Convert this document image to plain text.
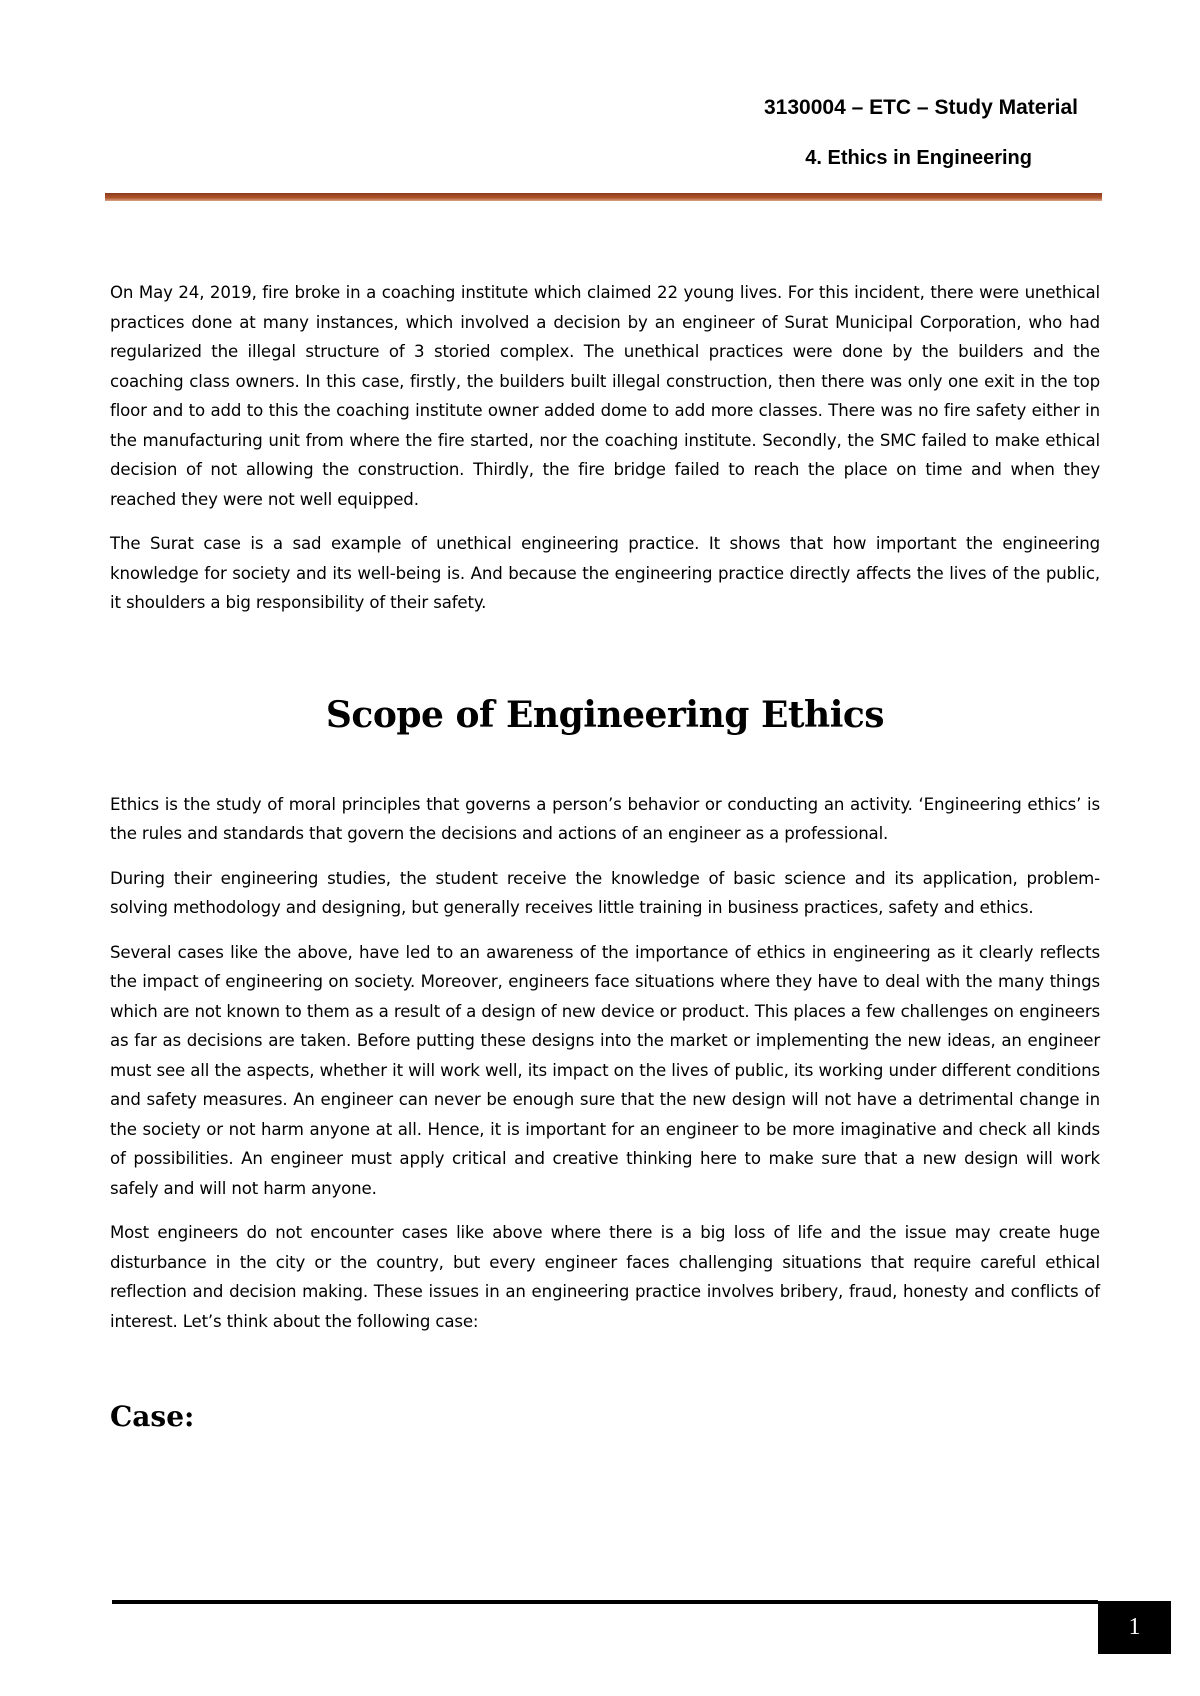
3130004 – ETC – Study Material
4. Ethics in Engineering

On May 24, 2019, fire broke in a coaching institute which claimed 22 young lives. For this incident, there were unethical practices done at many instances, which involved a decision by an engineer of Surat Municipal Corporation, who had regularized the illegal structure of 3 storied complex. The unethical practices were done by the builders and the coaching class owners. In this case, firstly, the builders built illegal construction, then there was only one exit in the top floor and to add to this the coaching institute owner added dome to add more classes. There was no fire safety either in the manufacturing unit from where the fire started, nor the coaching institute. Secondly, the SMC failed to make ethical decision of not allowing the construction. Thirdly, the fire bridge failed to reach the place on time and when they reached they were not well equipped.

The Surat case is a sad example of unethical engineering practice. It shows that how important the engineering knowledge for society and its well-being is. And because the engineering practice directly affects the lives of the public, it shoulders a big responsibility of their safety.

Scope of Engineering Ethics

Ethics is the study of moral principles that governs a person’s behavior or conducting an activity. ‘Engineering ethics’ is the rules and standards that govern the decisions and actions of an engineer as a professional.

During their engineering studies, the student receive the knowledge of basic science and its application, problem-solving methodology and designing, but generally receives little training in business practices, safety and ethics.

Several cases like the above, have led to an awareness of the importance of ethics in engineering as it clearly reflects the impact of engineering on society. Moreover, engineers face situations where they have to deal with the many things which are not known to them as a result of a design of new device or product. This places a few challenges on engineers as far as decisions are taken. Before putting these designs into the market or implementing the new ideas, an engineer must see all the aspects, whether it will work well, its impact on the lives of public, its working under different conditions and safety measures. An engineer can never be enough sure that the new design will not have a detrimental change in the society or not harm anyone at all. Hence, it is important for an engineer to be more imaginative and check all kinds of possibilities. An engineer must apply critical and creative thinking here to make sure that a new design will work safely and will not harm anyone.

Most engineers do not encounter cases like above where there is a big loss of life and the issue may create huge disturbance in the city or the country, but every engineer faces challenging situations that require careful ethical reflection and decision making. These issues in an engineering practice involves bribery, fraud, honesty and conflicts of interest. Let’s think about the following case:

Case:
1
